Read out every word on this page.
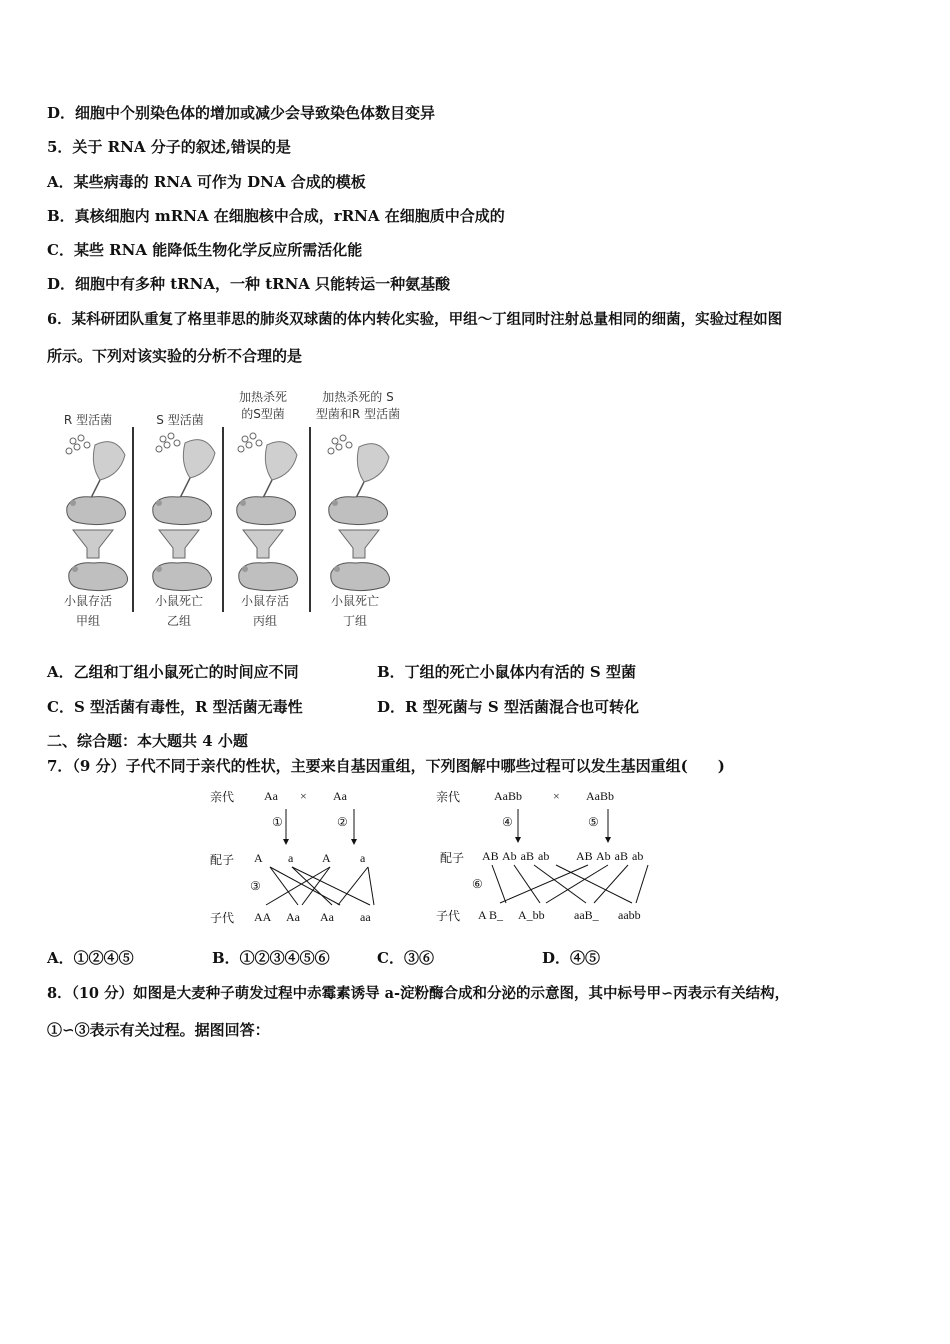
D．细胞中个别染色体的增加或减少会导致染色体数目变异
5．关于 RNA 分子的叙述,错误的是
A．某些病毒的 RNA 可作为 DNA 合成的模板
B．真核细胞内 mRNA 在细胞核中合成，rRNA 在细胞质中合成的
C．某些 RNA 能降低生物化学反应所需活化能
D．细胞中有多种 tRNA，一种 tRNA 只能转运一种氨基酸
6．某科研团队重复了格里菲思的肺炎双球菌的体内转化实验，甲组～丁组同时注射总量相同的细菌，实验过程如图
所示。下列对该实验的分析不合理的是
R 型活菌	S 型活菌
加热杀死
的S型菌
加热杀死的 S
型菌和R 型活菌
小鼠存活
甲组
小鼠死亡
乙组
小鼠存活
丙组
小鼠死亡
丁组
A．乙组和丁组小鼠死亡的时间应不同	B．丁组的死亡小鼠体内有活的 S 型菌
C．S 型活菌有毒性，R 型活菌无毒性	D．R 型死菌与 S 型活菌混合也可转化
二、综合题：本大题共 4 小题
7．（9 分）子代不同于亲代的性状，主要来自基因重组，下列图解中哪些过程可以发生基因重组(　　)
亲代 Aa × Aa
①	②
配子 A a A a
③
子代 AA Aa Aa aa
亲代	AaBb	× AaBb
④	⑤
配子 AB Ab aB ab AB Ab aB ab
⑥
子代 A B_ A_bb aaB_ aabb
A．①②④⑤	B．①②③④⑤⑥	C．③⑥	D．④⑤
8．（10 分）如图是大麦种子萌发过程中赤霉素诱导 a-淀粉酶合成和分泌的示意图，其中标号甲∽丙表示有关结构，
①∽③表示有关过程。据图回答：
